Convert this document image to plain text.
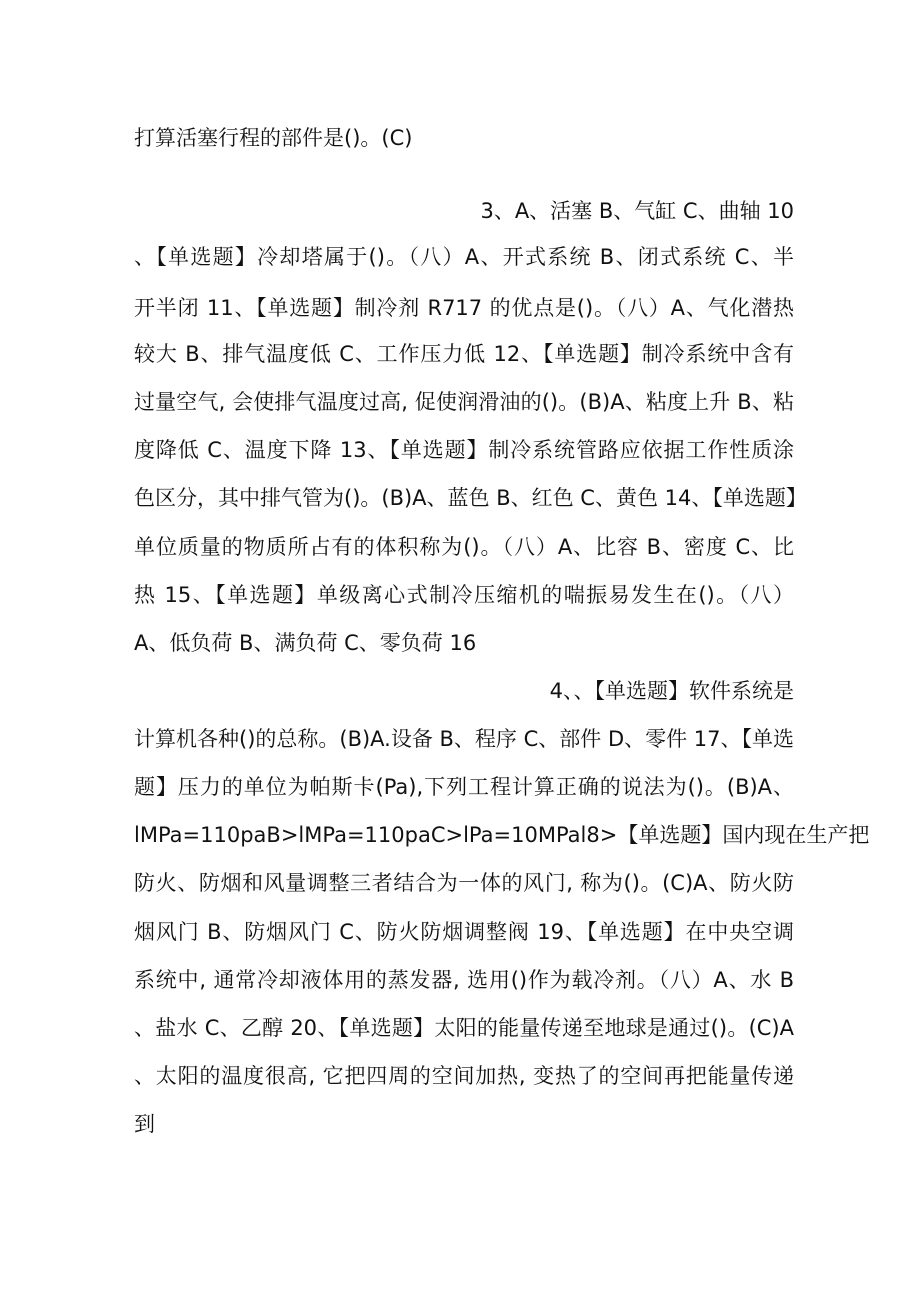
打算活塞行程的部件是()。(C)
3、A、活塞 B、气缸 C、曲轴 10
、【单选题】冷却塔属于()。（八）A、开式系统 B、闭式系统 C、半
开半闭 11、【单选题】制冷剂 R717 的优点是()。（八）A、气化潜热
较大 B、排气温度低 C、工作压力低 12、【单选题】制冷系统中含有
过量空气, 会使排气温度过高, 促使润滑油的()。(B)A、粘度上升 B、粘
度降低 C、温度下降 13、【单选题】制冷系统管路应依据工作性质涂
色区分，其中排气管为()。(B)A、蓝色 B、红色 C、黄色 14、【单选题】
单位质量的物质所占有的体积称为()。（八）A、比容 B、密度 C、比
热 15、【单选题】单级离心式制冷压缩机的喘振易发生在()。（八）
A、低负荷 B、满负荷 C、零负荷 16
4、、【单选题】软件系统是
计算机各种()的总称。(B)A.设备 B、程序 C、部件 D、零件 17、【单选
题】压力的单位为帕斯卡(Pa),下列工程计算正确的说法为()。(B)A、
lMPa=110paB>lMPa=110paC>lPa=10MPal8>【单选题】国内现在生产把
防火、防烟和风量调整三者结合为一体的风门, 称为()。(C)A、防火防
烟风门 B、防烟风门 C、防火防烟调整阀 19、【单选题】在中央空调
系统中, 通常冷却液体用的蒸发器, 选用()作为载冷剂。（八）A、水 B
、盐水 C、乙醇 20、【单选题】太阳的能量传递至地球是通过()。(C)A
、太阳的温度很高, 它把四周的空间加热, 变热了的空间再把能量传递
到
